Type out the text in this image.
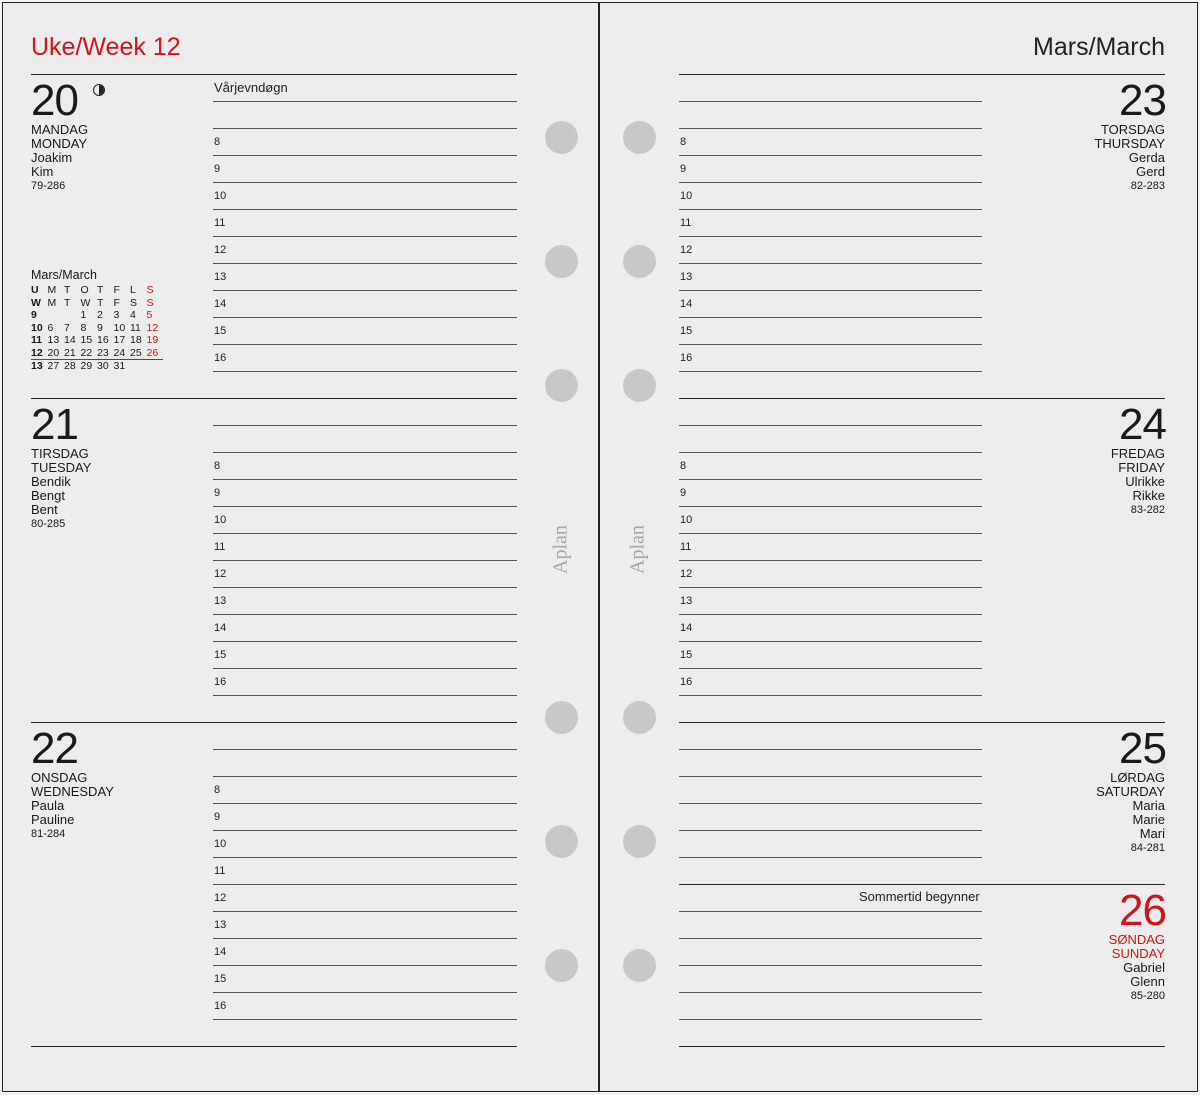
Uke/Week 12	Mars/March
8
9
10
11
12
13
14
15
16
8
9
10
11
12
13
14
15
16
8
9
10
11
12
13
14
15
16
8
9
10
11
12
13
14
15
16
8
9
10
11
12
13
14
15
16
20
MANDAG
MONDAY
Joakim
Kim
79-286
21
TIRSDAG
TUESDAY
Bendik
Bengt
Bent
80-285
22
ONSDAG
WEDNESDAY
Paula
Pauline
81-284
23
TORSDAG
THURSDAY
Gerda
Gerd
82-283
24
FREDAG
FRIDAY
Ulrikke
Rikke
83-282
25
LØRDAG
SATURDAY
Maria
Marie
Mari
84-281
26
SØNDAG
SUNDAY
Gabriel
Glenn
85-280
Vårjevndøgn
Sommertid begynner
Aplan	Aplan
Mars/March
U	M	T	O	T	F	L	S
W	M	T	W	T	F	S	S
9			1	2	3	4	5
10	6	7	8	9	10	11	12
11	13	14	15	16	17	18	19
12	20	21	22	23	24	25	26
13	27	28	29	30	31		
